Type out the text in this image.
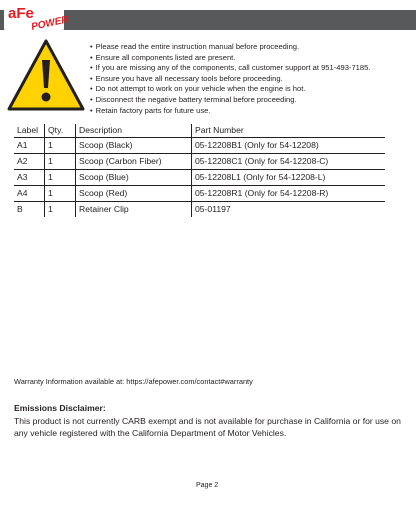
aFe
POWER
• Please read the entire instruction manual before proceeding.
• Ensure all components listed are present.
• If you are missing any of the components, call customer support at 951-493-7185.
• Ensure you have all necessary tools before proceeding.
• Do not attempt to work on your vehicle when the engine is hot.
• Disconnect the negative battery terminal before proceeding.
• Retain factory parts for future use.
Label	Qty.	Description	Part Number
A1	1	Scoop (Black)	05-12208B1 (Only for 54-12208)
A2	1	Scoop (Carbon Fiber)	05-12208C1 (Only for 54-12208-C)
A3	1	Scoop (Blue)	05-12208L1 (Only for 54-12208-L)
A4	1	Scoop (Red)	05-12208R1 (Only for 54-12208-R)
B	1	Retainer Clip	05-01197
Warranty Information available at: https://afepower.com/contact#warranty
Emissions Disclaimer:
This product is not currently CARB exempt and is not available for purchase in California or for use on any vehicle registered with the California Department of Motor Vehicles.
Page 2
